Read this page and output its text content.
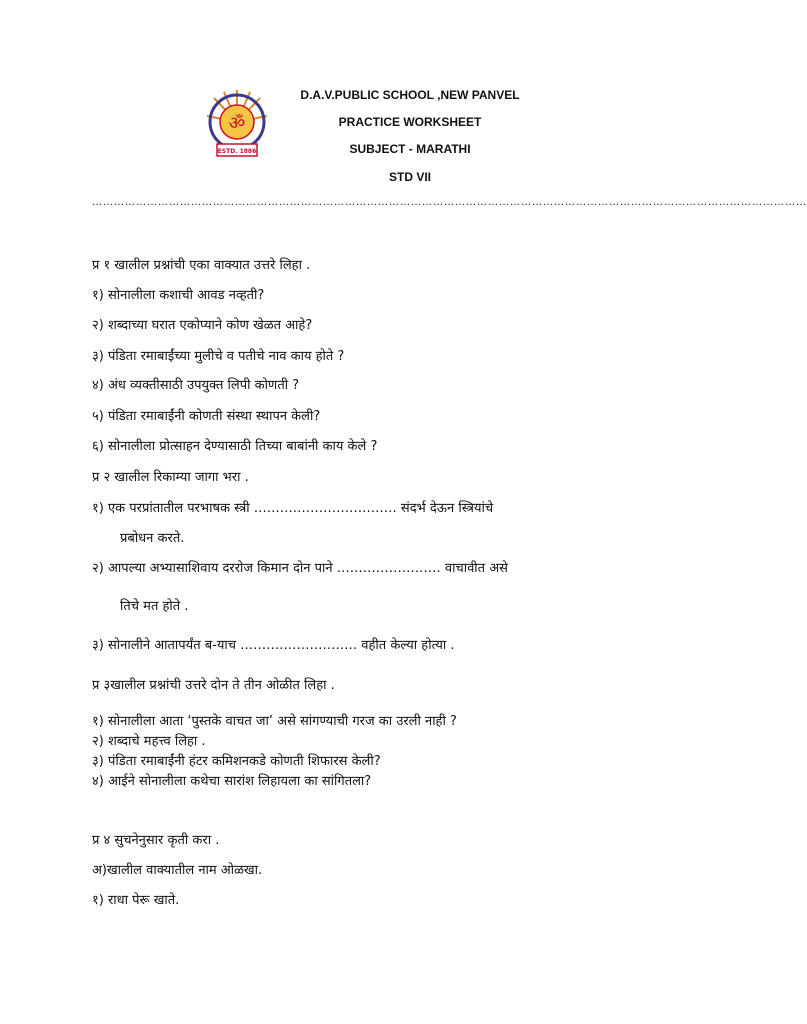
ॐ
ESTD. 1886
D.A.V.PUBLIC SCHOOL ,NEW PANVEL
PRACTICE WORKSHEET
SUBJECT - MARATHI
STD VII
……………………………………………………………………………………………………………………………………………………………………………
प्र १ खालील प्रश्नांची एका वाक्यात उत्तरे लिहा .
१) सोनालीला कशाची आवड नव्हती?
२) शब्दाच्या घरात एकोप्याने कोण खेळत आहे?
३) पंडिता रमाबाईंच्या मुलीचे व पतीचे नाव काय होते ?
४) अंध व्यक्तीसाठी उपयुक्त लिपी कोणती ?
५) पंडिता रमाबाईंनी कोणती संस्था स्थापन केली?
६) सोनालीला प्रोत्साहन देण्यासाठी तिच्या बाबांनी काय केले ?
प्र २ खालील रिकाम्या जागा भरा .
१) एक परप्रांतातील परभाषक स्त्री …………………………… संदर्भ देऊन स्त्रियांचे
प्रबोधन करते.
२) आपल्या अभ्यासाशिवाय दररोज किमान दोन पाने …………………… वाचावीत असे
तिचे मत होते .
३) सोनालीने आतापर्यंत ब-याच ……………………… वहीत केल्या होत्या .
प्र ३खालील प्रश्नांची उत्तरे दोन ते तीन ओळीत लिहा .
१) सोनालीला आता ‘पुस्तके वाचत जा’ असे सांगण्याची गरज का उरली नाही ?
२) शब्दाचे महत्त्व लिहा .
३) पंडिता रमाबाईंनी हंटर कमिशनकडे कोणती शिफारस केली?
४) आईने सोनालीला कथेचा सारांश लिहायला का सांगितला?
प्र ४ सुचनेनुसार कृती करा .
अ)खालील वाक्यातील नाम ओळखा.
१) राधा पेरू खाते.
